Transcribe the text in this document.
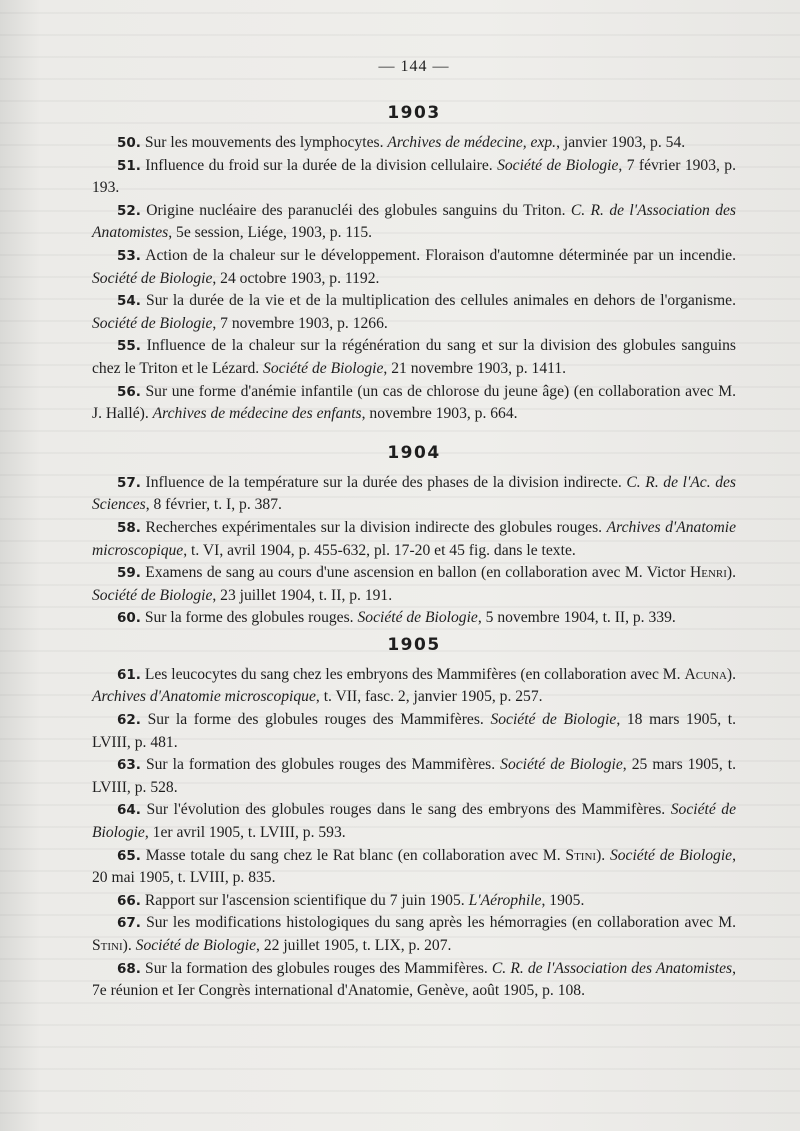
— 144 —
1903

50. Sur les mouvements des lymphocytes. Archives de médecine, exp., janvier 1903, p. 54.

51. Influence du froid sur la durée de la division cellulaire. Société de Biologie, 7 février 1903, p. 193.

52. Origine nucléaire des paranucléi des globules sanguins du Triton. C. R. de l'Association des Anatomistes, 5e session, Liége, 1903, p. 115.

53. Action de la chaleur sur le développement. Floraison d'automne déterminée par un incendie. Société de Biologie, 24 octobre 1903, p. 1192.

54. Sur la durée de la vie et de la multiplication des cellules animales en dehors de l'organisme. Société de Biologie, 7 novembre 1903, p. 1266.

55. Influence de la chaleur sur la régénération du sang et sur la division des globules sanguins chez le Triton et le Lézard. Société de Biologie, 21 novembre 1903, p. 1411.

56. Sur une forme d'anémie infantile (un cas de chlorose du jeune âge) (en collaboration avec M. J. Hallé). Archives de médecine des enfants, novembre 1903, p. 664.

1904

57. Influence de la température sur la durée des phases de la division indirecte. C. R. de l'Ac. des Sciences, 8 février, t. I, p. 387.

58. Recherches expérimentales sur la division indirecte des globules rouges. Archives d'Anatomie microscopique, t. VI, avril 1904, p. 455-632, pl. 17-20 et 45 fig. dans le texte.

59. Examens de sang au cours d'une ascension en ballon (en collaboration avec M. Victor Henri). Société de Biologie, 23 juillet 1904, t. II, p. 191.

60. Sur la forme des globules rouges. Société de Biologie, 5 novembre 1904, t. II, p. 339.

1905

61. Les leucocytes du sang chez les embryons des Mammifères (en collaboration avec M. Acuna). Archives d'Anatomie microscopique, t. VII, fasc. 2, janvier 1905, p. 257.

62. Sur la forme des globules rouges des Mammifères. Société de Biologie, 18 mars 1905, t. LVIII, p. 481.

63. Sur la formation des globules rouges des Mammifères. Société de Biologie, 25 mars 1905, t. LVIII, p. 528.

64. Sur l'évolution des globules rouges dans le sang des embryons des Mammifères. Société de Biologie, 1er avril 1905, t. LVIII, p. 593.

65. Masse totale du sang chez le Rat blanc (en collaboration avec M. Stini). Société de Biologie, 20 mai 1905, t. LVIII, p. 835.

66. Rapport sur l'ascension scientifique du 7 juin 1905. L'Aérophile, 1905.

67. Sur les modifications histologiques du sang après les hémorragies (en collaboration avec M. Stini). Société de Biologie, 22 juillet 1905, t. LIX, p. 207.

68. Sur la formation des globules rouges des Mammifères. C. R. de l'Association des Anatomistes, 7e réunion et Ier Congrès international d'Anatomie, Genève, août 1905, p. 108.
